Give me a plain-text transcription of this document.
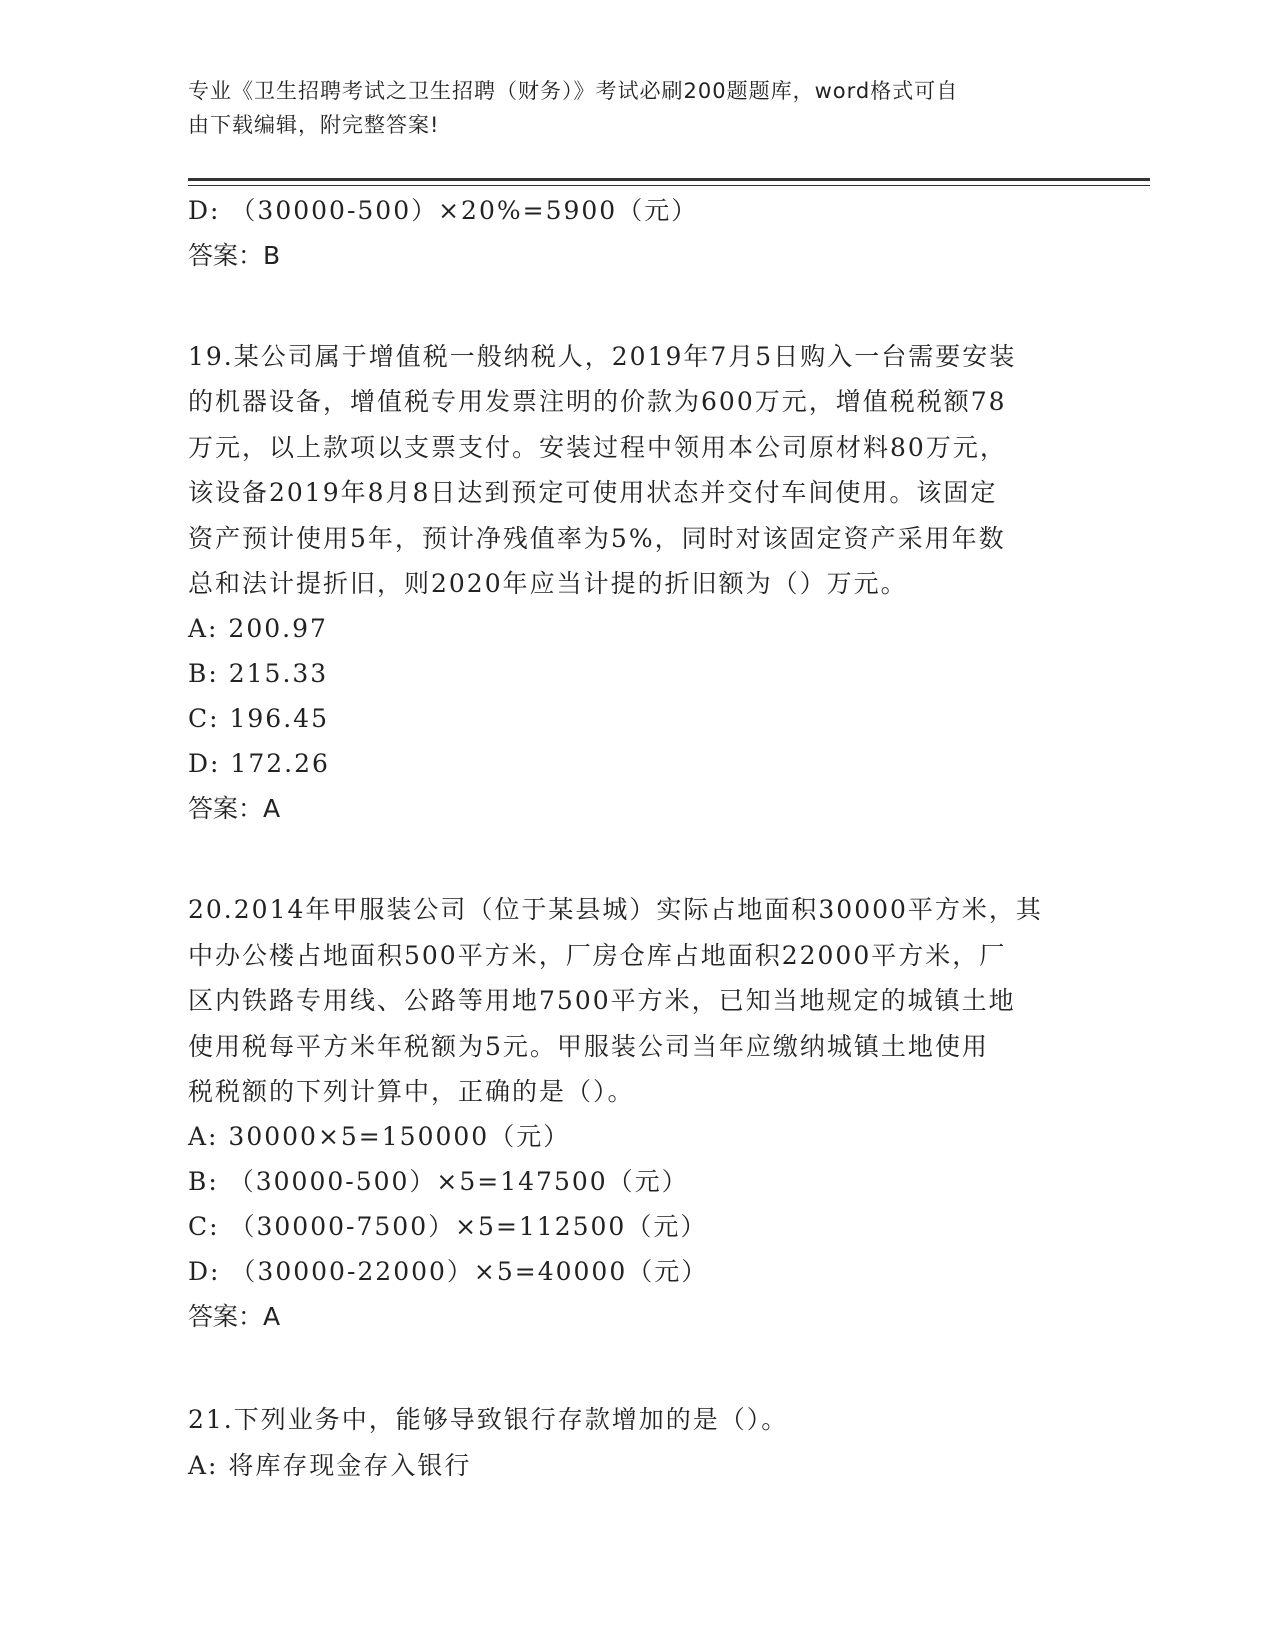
专业《卫生招聘考试之卫生招聘（财务）》考试必刷200题题库，word格式可自
由下载编辑，附完整答案!
D: （30000-500）×20%=5900（元）
答案：B
19.某公司属于增值税一般纳税人，2019年7月5日购入一台需要安装
的机器设备，增值税专用发票注明的价款为600万元，增值税税额78
万元，以上款项以支票支付。安装过程中领用本公司原材料80万元，
该设备2019年8月8日达到预定可使用状态并交付车间使用。该固定
资产预计使用5年，预计净残值率为5%，同时对该固定资产采用年数
总和法计提折旧，则2020年应当计提的折旧额为（）万元。
A: 200.97
B: 215.33
C: 196.45
D: 172.26
答案：A
20.2014年甲服装公司（位于某县城）实际占地面积30000平方米，其
中办公楼占地面积500平方米，厂房仓库占地面积22000平方米，厂
区内铁路专用线、公路等用地7500平方米，已知当地规定的城镇土地
使用税每平方米年税额为5元。甲服装公司当年应缴纳城镇土地使用
税税额的下列计算中，正确的是（）。
A: 30000×5=150000（元）
B: （30000-500）×5=147500（元）
C: （30000-7500）×5=112500（元）
D: （30000-22000）×5=40000（元）
答案：A
21.下列业务中，能够导致银行存款增加的是（）。
A: 将库存现金存入银行
